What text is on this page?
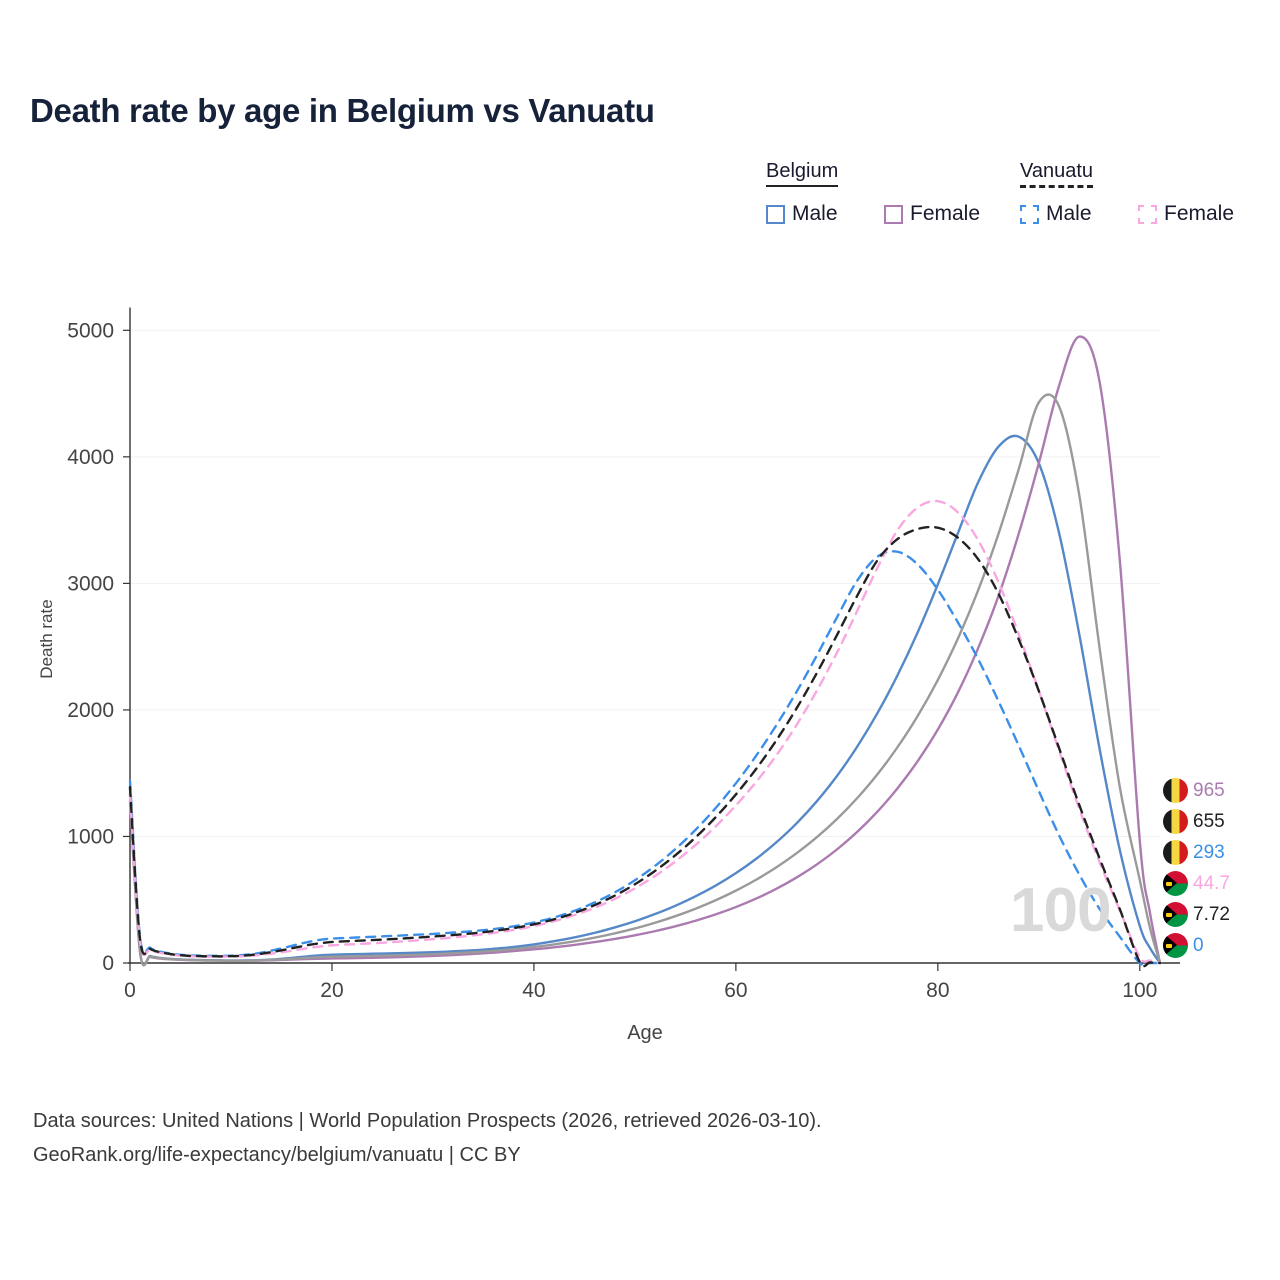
Death rate by age in Belgium vs Vanuatu
Belgium	Vanuatu
Male	Female	Male	Female
0
1000
2000
3000
4000
5000
0	20	40	60	80	100
Age
Death rate
100
965
655
293
44.7
7.72
0
Data sources: United Nations | World Population Prospects (2026, retrieved 2026-03-10).
GeoRank.org/life-expectancy/belgium/vanuatu | CC BY
